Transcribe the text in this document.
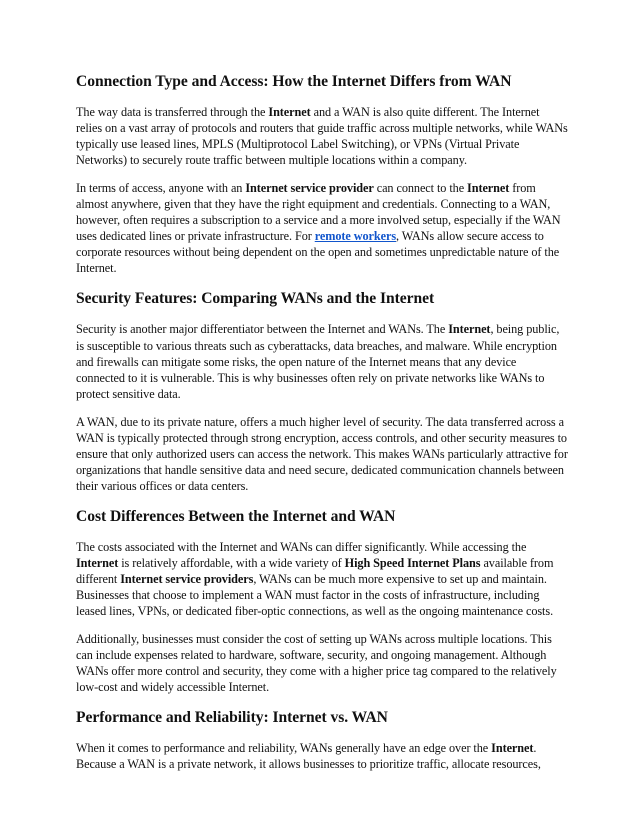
Connection Type and Access: How the Internet Differs from WAN

The way data is transferred through the Internet and a WAN is also quite different. The Internet relies on a vast array of protocols and routers that guide traffic across multiple networks, while WANs typically use leased lines, MPLS (Multiprotocol Label Switching), or VPNs (Virtual Private Networks) to securely route traffic between multiple locations within a company.

In terms of access, anyone with an Internet service provider can connect to the Internet from almost anywhere, given that they have the right equipment and credentials. Connecting to a WAN, however, often requires a subscription to a service and a more involved setup, especially if the WAN uses dedicated lines or private infrastructure. For remote workers, WANs allow secure access to corporate resources without being dependent on the open and sometimes unpredictable nature of the Internet.

Security Features: Comparing WANs and the Internet

Security is another major differentiator between the Internet and WANs. The Internet, being public, is susceptible to various threats such as cyberattacks, data breaches, and malware. While encryption and firewalls can mitigate some risks, the open nature of the Internet means that any device connected to it is vulnerable. This is why businesses often rely on private networks like WANs to protect sensitive data.

A WAN, due to its private nature, offers a much higher level of security. The data transferred across a WAN is typically protected through strong encryption, access controls, and other security measures to ensure that only authorized users can access the network. This makes WANs particularly attractive for organizations that handle sensitive data and need secure, dedicated communication channels between their various offices or data centers.

Cost Differences Between the Internet and WAN

The costs associated with the Internet and WANs can differ significantly. While accessing the Internet is relatively affordable, with a wide variety of High Speed Internet Plans available from different Internet service providers, WANs can be much more expensive to set up and maintain. Businesses that choose to implement a WAN must factor in the costs of infrastructure, including leased lines, VPNs, or dedicated fiber-optic connections, as well as the ongoing maintenance costs.

Additionally, businesses must consider the cost of setting up WANs across multiple locations. This can include expenses related to hardware, software, security, and ongoing management. Although WANs offer more control and security, they come with a higher price tag compared to the relatively low-cost and widely accessible Internet.

Performance and Reliability: Internet vs. WAN

When it comes to performance and reliability, WANs generally have an edge over the Internet. Because a WAN is a private network, it allows businesses to prioritize traffic, allocate resources,
